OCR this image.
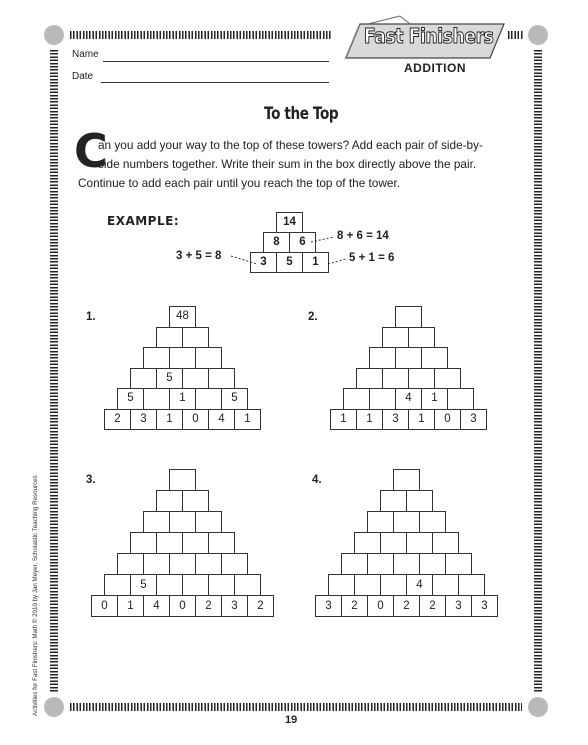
Fast Finishers
ADDITION
Name
Date
To the Top
C
an you add your way to the top of these towers? Add each pair of side-by-
side numbers together. Write their sum in the box directly above the pair.
Continue to add each pair until you reach the top of the tower.
EXAMPLE:	14
8	6
3	5	1
3 + 5 = 8
8 + 6 = 14
5 + 1 = 6
1.	2.
3.	4.
48
5
5	1	5
2	3	1	0	4	1
4	1
1	1	3	1	0	3
5
0	1	4	0	2	3	2
4
3	2	0	2	2	3	3
19
Activities for Fast Finishers: Math © 2010 by Jan Meyer, Scholastic Teaching Resources
